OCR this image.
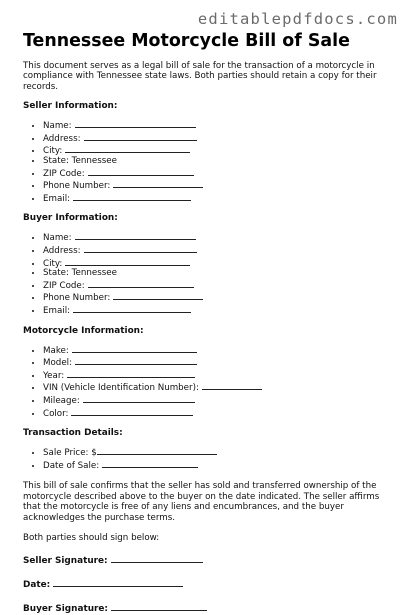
editablepdfdocs.com
Tennessee Motorcycle Bill of Sale

This document serves as a legal bill of sale for the transaction of a motorcycle in compliance with Tennessee state laws. Both parties should retain a copy for their records.

Seller Information:
• Name:
• Address:
• City:
• State: Tennessee
• ZIP Code:
• Phone Number:
• Email:
Buyer Information:
• Name:
• Address:
• City:
• State: Tennessee
• ZIP Code:
• Phone Number:
• Email:
Motorcycle Information:
• Make:
• Model:
• Year:
• VIN (Vehicle Identification Number):
• Mileage:
• Color:
Transaction Details:
• Sale Price: $
• Date of Sale:

This bill of sale confirms that the seller has sold and transferred ownership of the motorcycle described above to the buyer on the date indicated. The seller affirms that the motorcycle is free of any liens and encumbrances, and the buyer acknowledges the purchase terms.

Both parties should sign below:

Seller Signature:
Date:
Buyer Signature:
